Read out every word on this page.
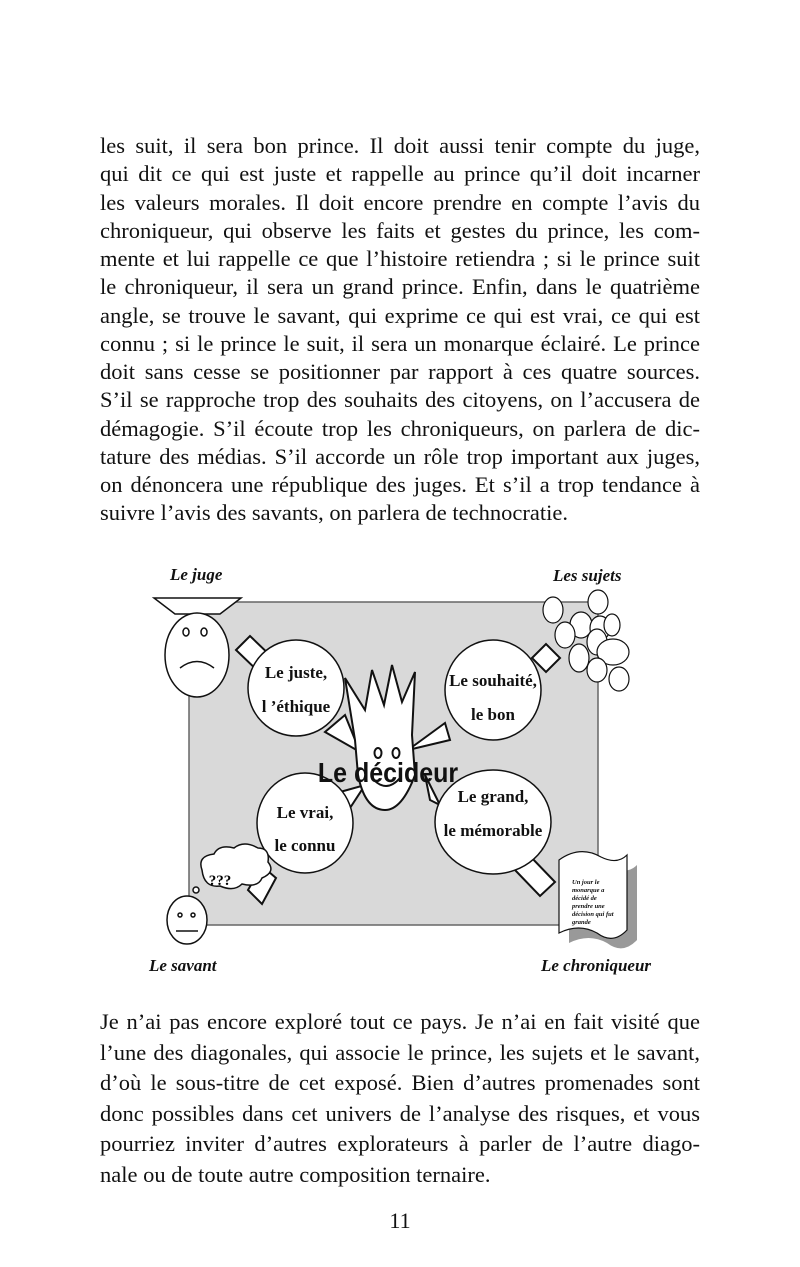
les suit, il sera bon prince. Il doit aussi tenir compte du juge,
qui dit ce qui est juste et rappelle au prince qu’il doit incarner
les valeurs morales. Il doit encore prendre en compte l’avis du
chroniqueur, qui observe les faits et gestes du prince, les com-
mente et lui rappelle ce que l’histoire retiendra ; si le prince suit
le chroniqueur, il sera un grand prince. Enfin, dans le quatrième
angle, se trouve le savant, qui exprime ce qui est vrai, ce qui est
connu ; si le prince le suit, il sera un monarque éclairé. Le prince
doit sans cesse se positionner par rapport à ces quatre sources.
S’il se rapproche trop des souhaits des citoyens, on l’accusera de
démagogie. S’il écoute trop les chroniqueurs, on parlera de dic-
tature des médias. S’il accorde un rôle trop important aux juges,
on dénoncera une république des juges. Et s’il a trop tendance à
suivre l’avis des savants, on parlera de technocratie.
Le juste,
l ’éthique
Le souhaité,
le bon
Le vrai,
le connu
Le grand,
le mémorable
Le décideur
???	Un jour le
monarque a
décidé de
prendre une
décision qui fut
grande
Le juge	Les sujets
Le savant	Le chroniqueur
Je n’ai pas encore exploré tout ce pays. Je n’ai en fait visité que
l’une des diagonales, qui associe le prince, les sujets et le savant,
d’où le sous-titre de cet exposé. Bien d’autres promenades sont
donc possibles dans cet univers de l’analyse des risques, et vous
pourriez inviter d’autres explorateurs à parler de l’autre diago-
nale ou de toute autre composition ternaire.
11
